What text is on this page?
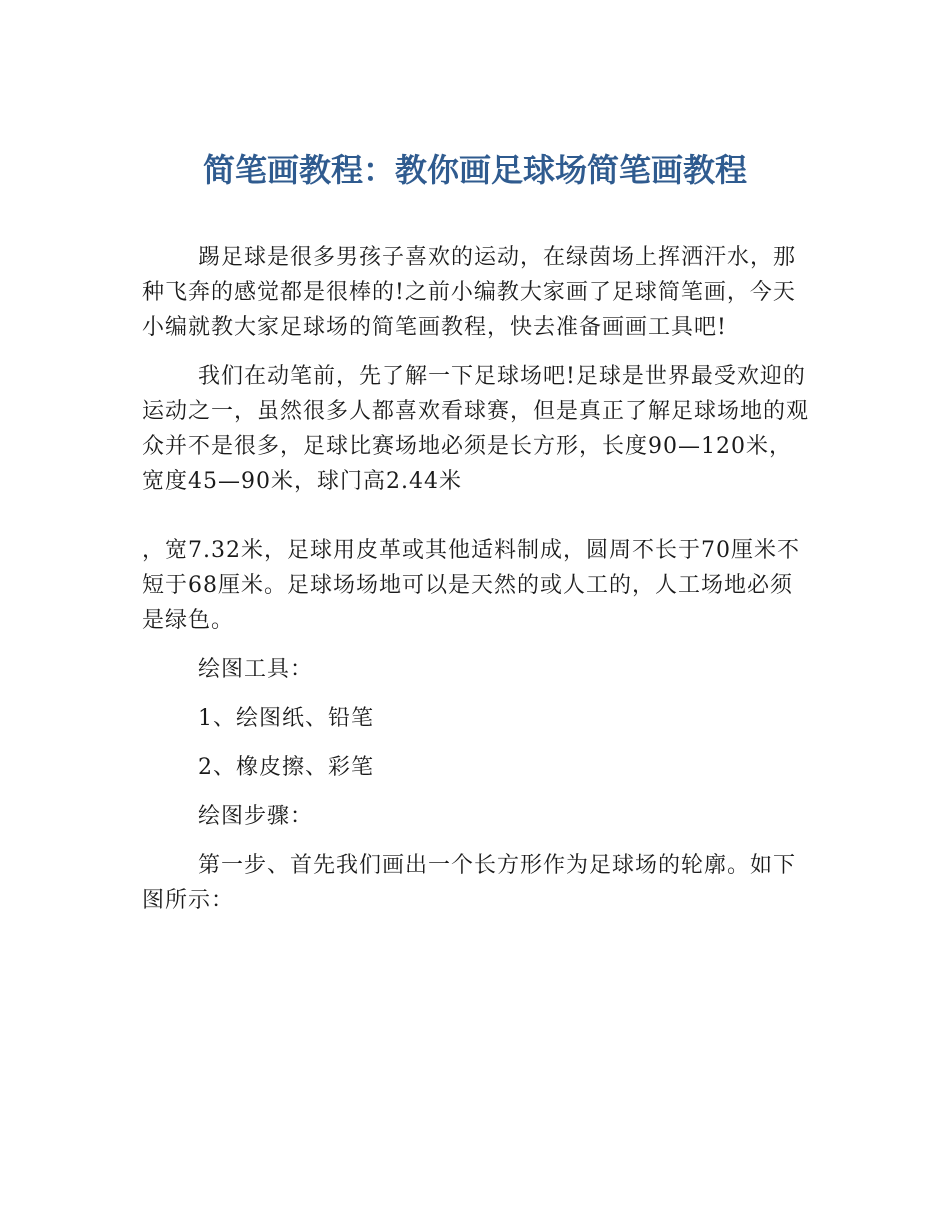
简笔画教程：教你画足球场简笔画教程

踢足球是很多男孩子喜欢的运动，在绿茵场上挥洒汗水，那种飞奔的感觉都是很棒的!之前小编教大家画了足球简笔画，今天小编就教大家足球场的简笔画教程，快去准备画画工具吧!

我们在动笔前，先了解一下足球场吧!足球是世界最受欢迎的运动之一，虽然很多人都喜欢看球赛，但是真正了解足球场地的观众并不是很多，足球比赛场地必须是长方形，长度90—120米，宽度45—90米，球门高2.44米

，宽7.32米，足球用皮革或其他适料制成，圆周不长于70厘米不短于68厘米。足球场场地可以是天然的或人工的，人工场地必须是绿色。

绘图工具：
1、绘图纸、铅笔
2、橡皮擦、彩笔
绘图步骤：

第一步、首先我们画出一个长方形作为足球场的轮廓。如下图所示：
